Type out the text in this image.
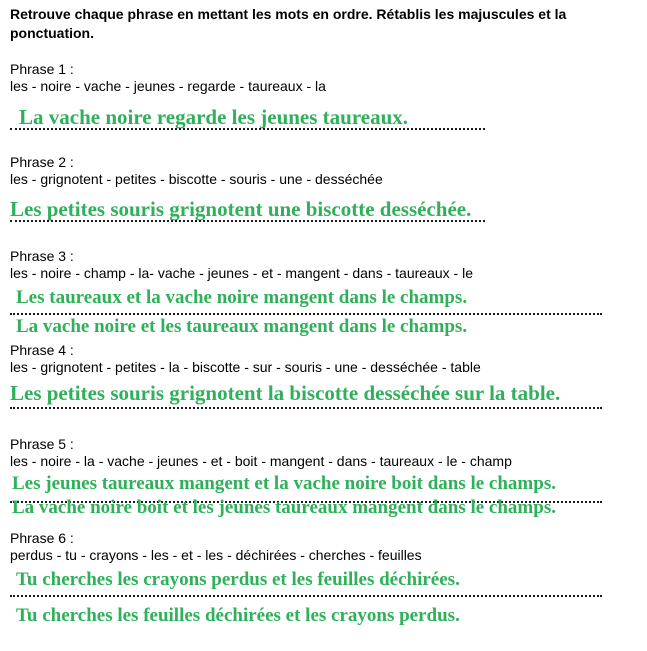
Retrouve chaque phrase en mettant les mots en ordre. Rétablis les majuscules et la ponctuation.
Phrase 1 :
les - noire - vache - jeunes - regarde - taureaux - la
La vache noire regarde les jeunes taureaux.
Phrase 2 :
les - grignotent - petites - biscotte - souris - une - desséchée
Les petites souris grignotent une biscotte desséchée.
Phrase 3 :
les - noire - champ - la- vache - jeunes - et - mangent - dans - taureaux - le
Les taureaux et la vache noire mangent dans le champs.
La vache noire et les taureaux mangent dans le champs.
Phrase 4 :
les - grignotent - petites - la - biscotte - sur - souris - une - desséchée - table
Les petites souris grignotent la biscotte desséchée sur la table.
Phrase 5 :
les - noire - la - vache - jeunes - et - boit - mangent - dans - taureaux - le - champ
Les jeunes taureaux mangent et la vache noire boit dans le champs.
La vache noire boit et les jeunes taureaux mangent dans le champs.
Phrase 6 :
perdus - tu - crayons - les - et - les - déchirées - cherches - feuilles
Tu cherches les crayons perdus et les feuilles déchirées.
Tu cherches les feuilles déchirées et les crayons perdus.
